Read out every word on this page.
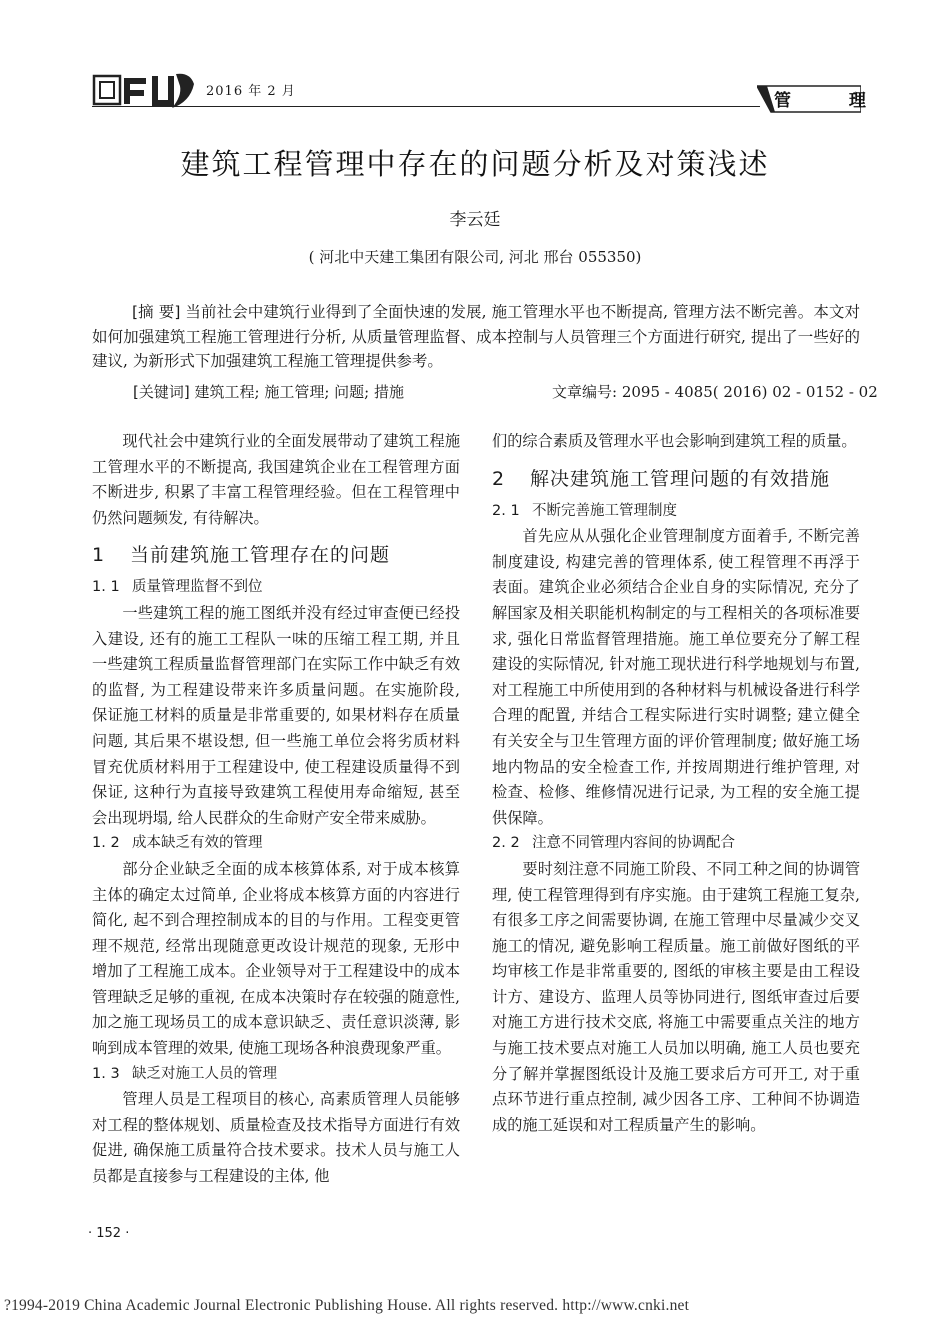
2016 年 2 月	管 理
建筑工程管理中存在的问题分析及对策浅述
李云廷
( 河北中天建工集团有限公司, 河北 邢台 055350)
[摘 要] 当前社会中建筑行业得到了全面快速的发展, 施工管理水平也不断提高, 管理方法不断完善。本文对如何加强建筑工程施工管理进行分析, 从质量管理监督、成本控制与人员管理三个方面进行研究, 提出了一些好的建议, 为新形式下加强建筑工程施工管理提供参考。
[关键词] 建筑工程; 施工管理; 问题; 措施	文章编号: 2095 - 4085( 2016) 02 - 0152 - 02

现代社会中建筑行业的全面发展带动了建筑工程施工管理水平的不断提高, 我国建筑企业在工程管理方面不断进步, 积累了丰富工程管理经验。但在工程管理中仍然问题频发, 有待解决。

1 当前建筑施工管理存在的问题
1. 1 质量管理监督不到位

一些建筑工程的施工图纸并没有经过审查便已经投入建设, 还有的施工工程队一味的压缩工程工期, 并且一些建筑工程质量监督管理部门在实际工作中缺乏有效的监督, 为工程建设带来许多质量问题。在实施阶段, 保证施工材料的质量是非常重要的, 如果材料存在质量问题, 其后果不堪设想, 但一些施工单位会将劣质材料冒充优质材料用于工程建设中, 使工程建设质量得不到保证, 这种行为直接导致建筑工程使用寿命缩短, 甚至会出现坍塌, 给人民群众的生命财产安全带来威胁。

1. 2 成本缺乏有效的管理

部分企业缺乏全面的成本核算体系, 对于成本核算主体的确定太过简单, 企业将成本核算方面的内容进行简化, 起不到合理控制成本的目的与作用。工程变更管理不规范, 经常出现随意更改设计规范的现象, 无形中增加了工程施工成本。企业领导对于工程建设中的成本管理缺乏足够的重视, 在成本决策时存在较强的随意性, 加之施工现场员工的成本意识缺乏、责任意识淡薄, 影响到成本管理的效果, 使施工现场各种浪费现象严重。

1. 3 缺乏对施工人员的管理

管理人员是工程项目的核心, 高素质管理人员能够对工程的整体规划、质量检查及技术指导方面进行有效促进, 确保施工质量符合技术要求。技术人员与施工人员都是直接参与工程建设的主体, 他

们的综合素质及管理水平也会影响到建筑工程的质量。

2 解决建筑施工管理问题的有效措施
2. 1 不断完善施工管理制度

首先应从从强化企业管理制度方面着手, 不断完善制度建设, 构建完善的管理体系, 使工程管理不再浮于表面。建筑企业必须结合企业自身的实际情况, 充分了解国家及相关职能机构制定的与工程相关的各项标准要求, 强化日常监督管理措施。施工单位要充分了解工程建设的实际情况, 针对施工现状进行科学地规划与布置, 对工程施工中所使用到的各种材料与机械设备进行科学合理的配置, 并结合工程实际进行实时调整; 建立健全有关安全与卫生管理方面的评价管理制度; 做好施工场地内物品的安全检查工作, 并按周期进行维护管理, 对检查、检修、维修情况进行记录, 为工程的安全施工提供保障。

2. 2 注意不同管理内容间的协调配合

要时刻注意不同施工阶段、不同工种之间的协调管理, 使工程管理得到有序实施。由于建筑工程施工复杂, 有很多工序之间需要协调, 在施工管理中尽量减少交叉施工的情况, 避免影响工程质量。施工前做好图纸的平均审核工作是非常重要的, 图纸的审核主要是由工程设计方、建设方、监理人员等协同进行, 图纸审查过后要对施工方进行技术交底, 将施工中需要重点关注的地方与施工技术要点对施工人员加以明确, 施工人员也要充分了解并掌握图纸设计及施工要求后方可开工, 对于重点环节进行重点控制, 减少因各工序、工种间不协调造成的施工延误和对工程质量产生的影响。

· 152 ·
?1994-2019 China Academic Journal Electronic Publishing House. All rights reserved. http://www.cnki.net
